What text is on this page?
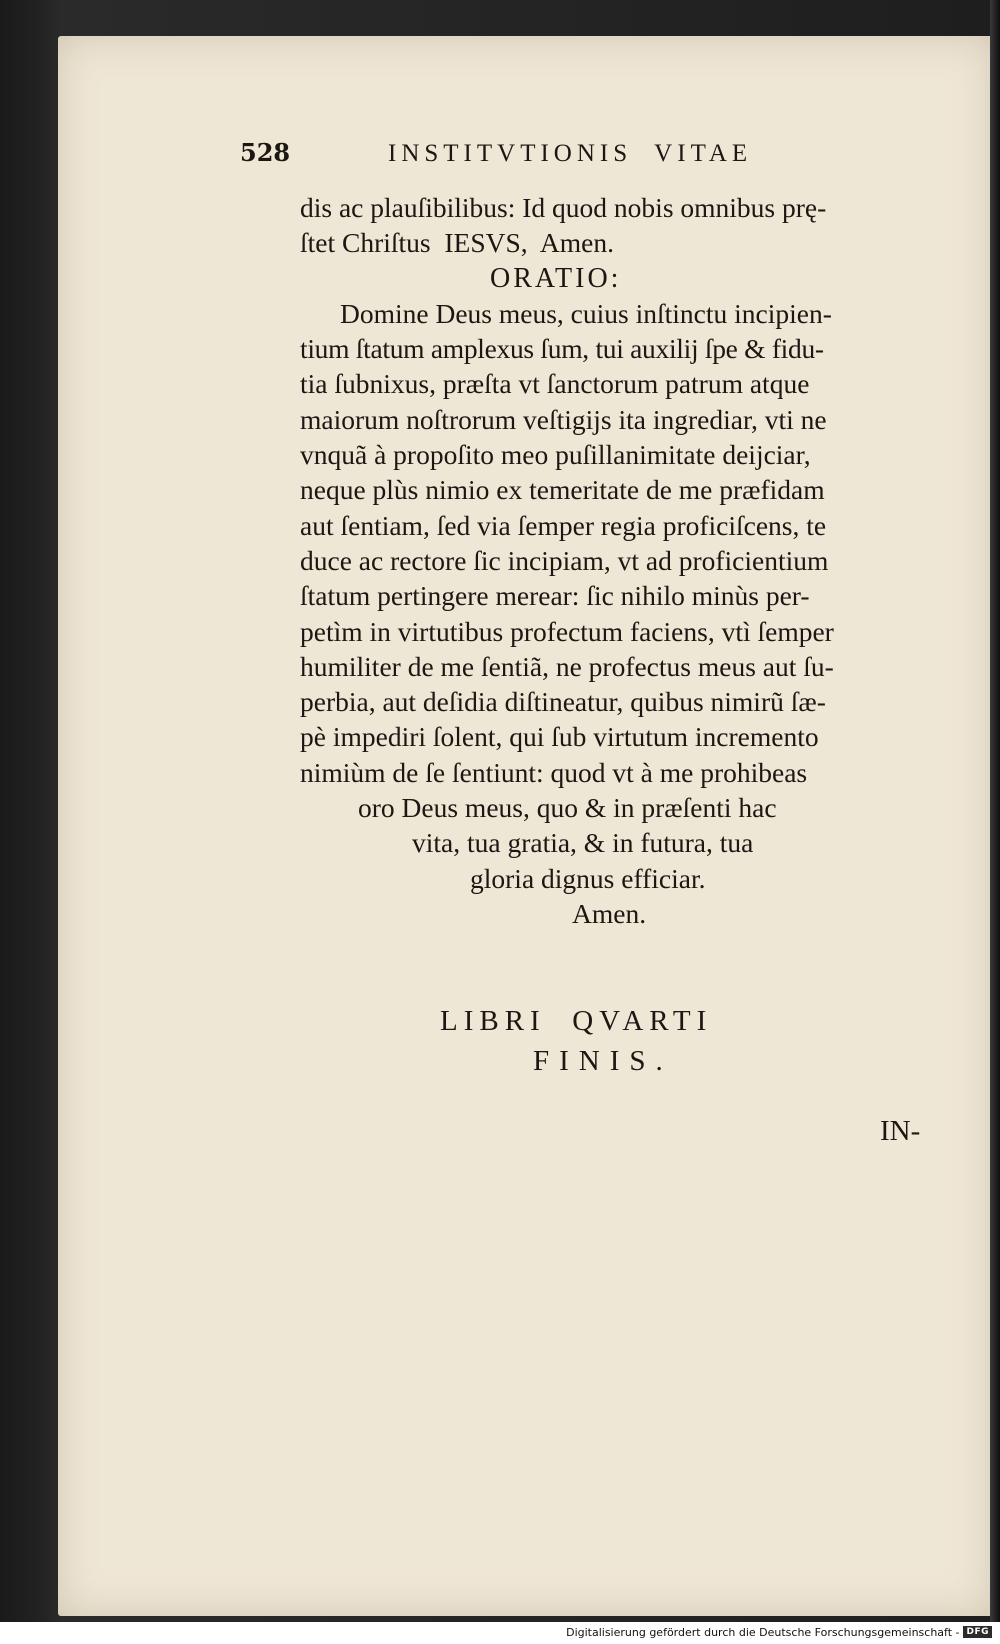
528	INSTITVTIONIS  VITAE
dis ac plauſibilibus: Id quod nobis omnibus prę-
ſtet Chriſtus  IESVS,  Amen.
ORATIO:
Domine Deus meus, cuius inſtinctu incipien-
tium ſtatum amplexus ſum, tui auxilij ſpe & fidu-
tia ſubnixus, præſta vt ſanctorum patrum atque
maiorum noſtrorum veſtigijs ita ingrediar, vti ne
vnquã à propoſito meo puſillanimitate deijciar,
neque plùs nimio ex temeritate de me præfidam
aut ſentiam, ſed via ſemper regia proficiſcens, te
duce ac rectore ſic incipiam, vt ad proficientium
ſtatum pertingere merear: ſic nihilo minùs per-
petìm in virtutibus profectum faciens, vtì ſemper
humiliter de me ſentiã, ne profectus meus aut ſu-
perbia, aut deſidia diſtineatur, quibus nimirũ ſæ-
pè impediri ſolent, qui ſub virtutum incremento
nimiùm de ſe ſentiunt: quod vt à me prohibeas
oro Deus meus, quo & in præſenti hac
vita, tua gratia, & in futura, tua
gloria dignus efficiar.
Amen.
LIBRI  QVARTI
FINIS.
IN-
Digitalisierung gefördert durch die Deutsche Forschungsgemeinschaft - DFG
